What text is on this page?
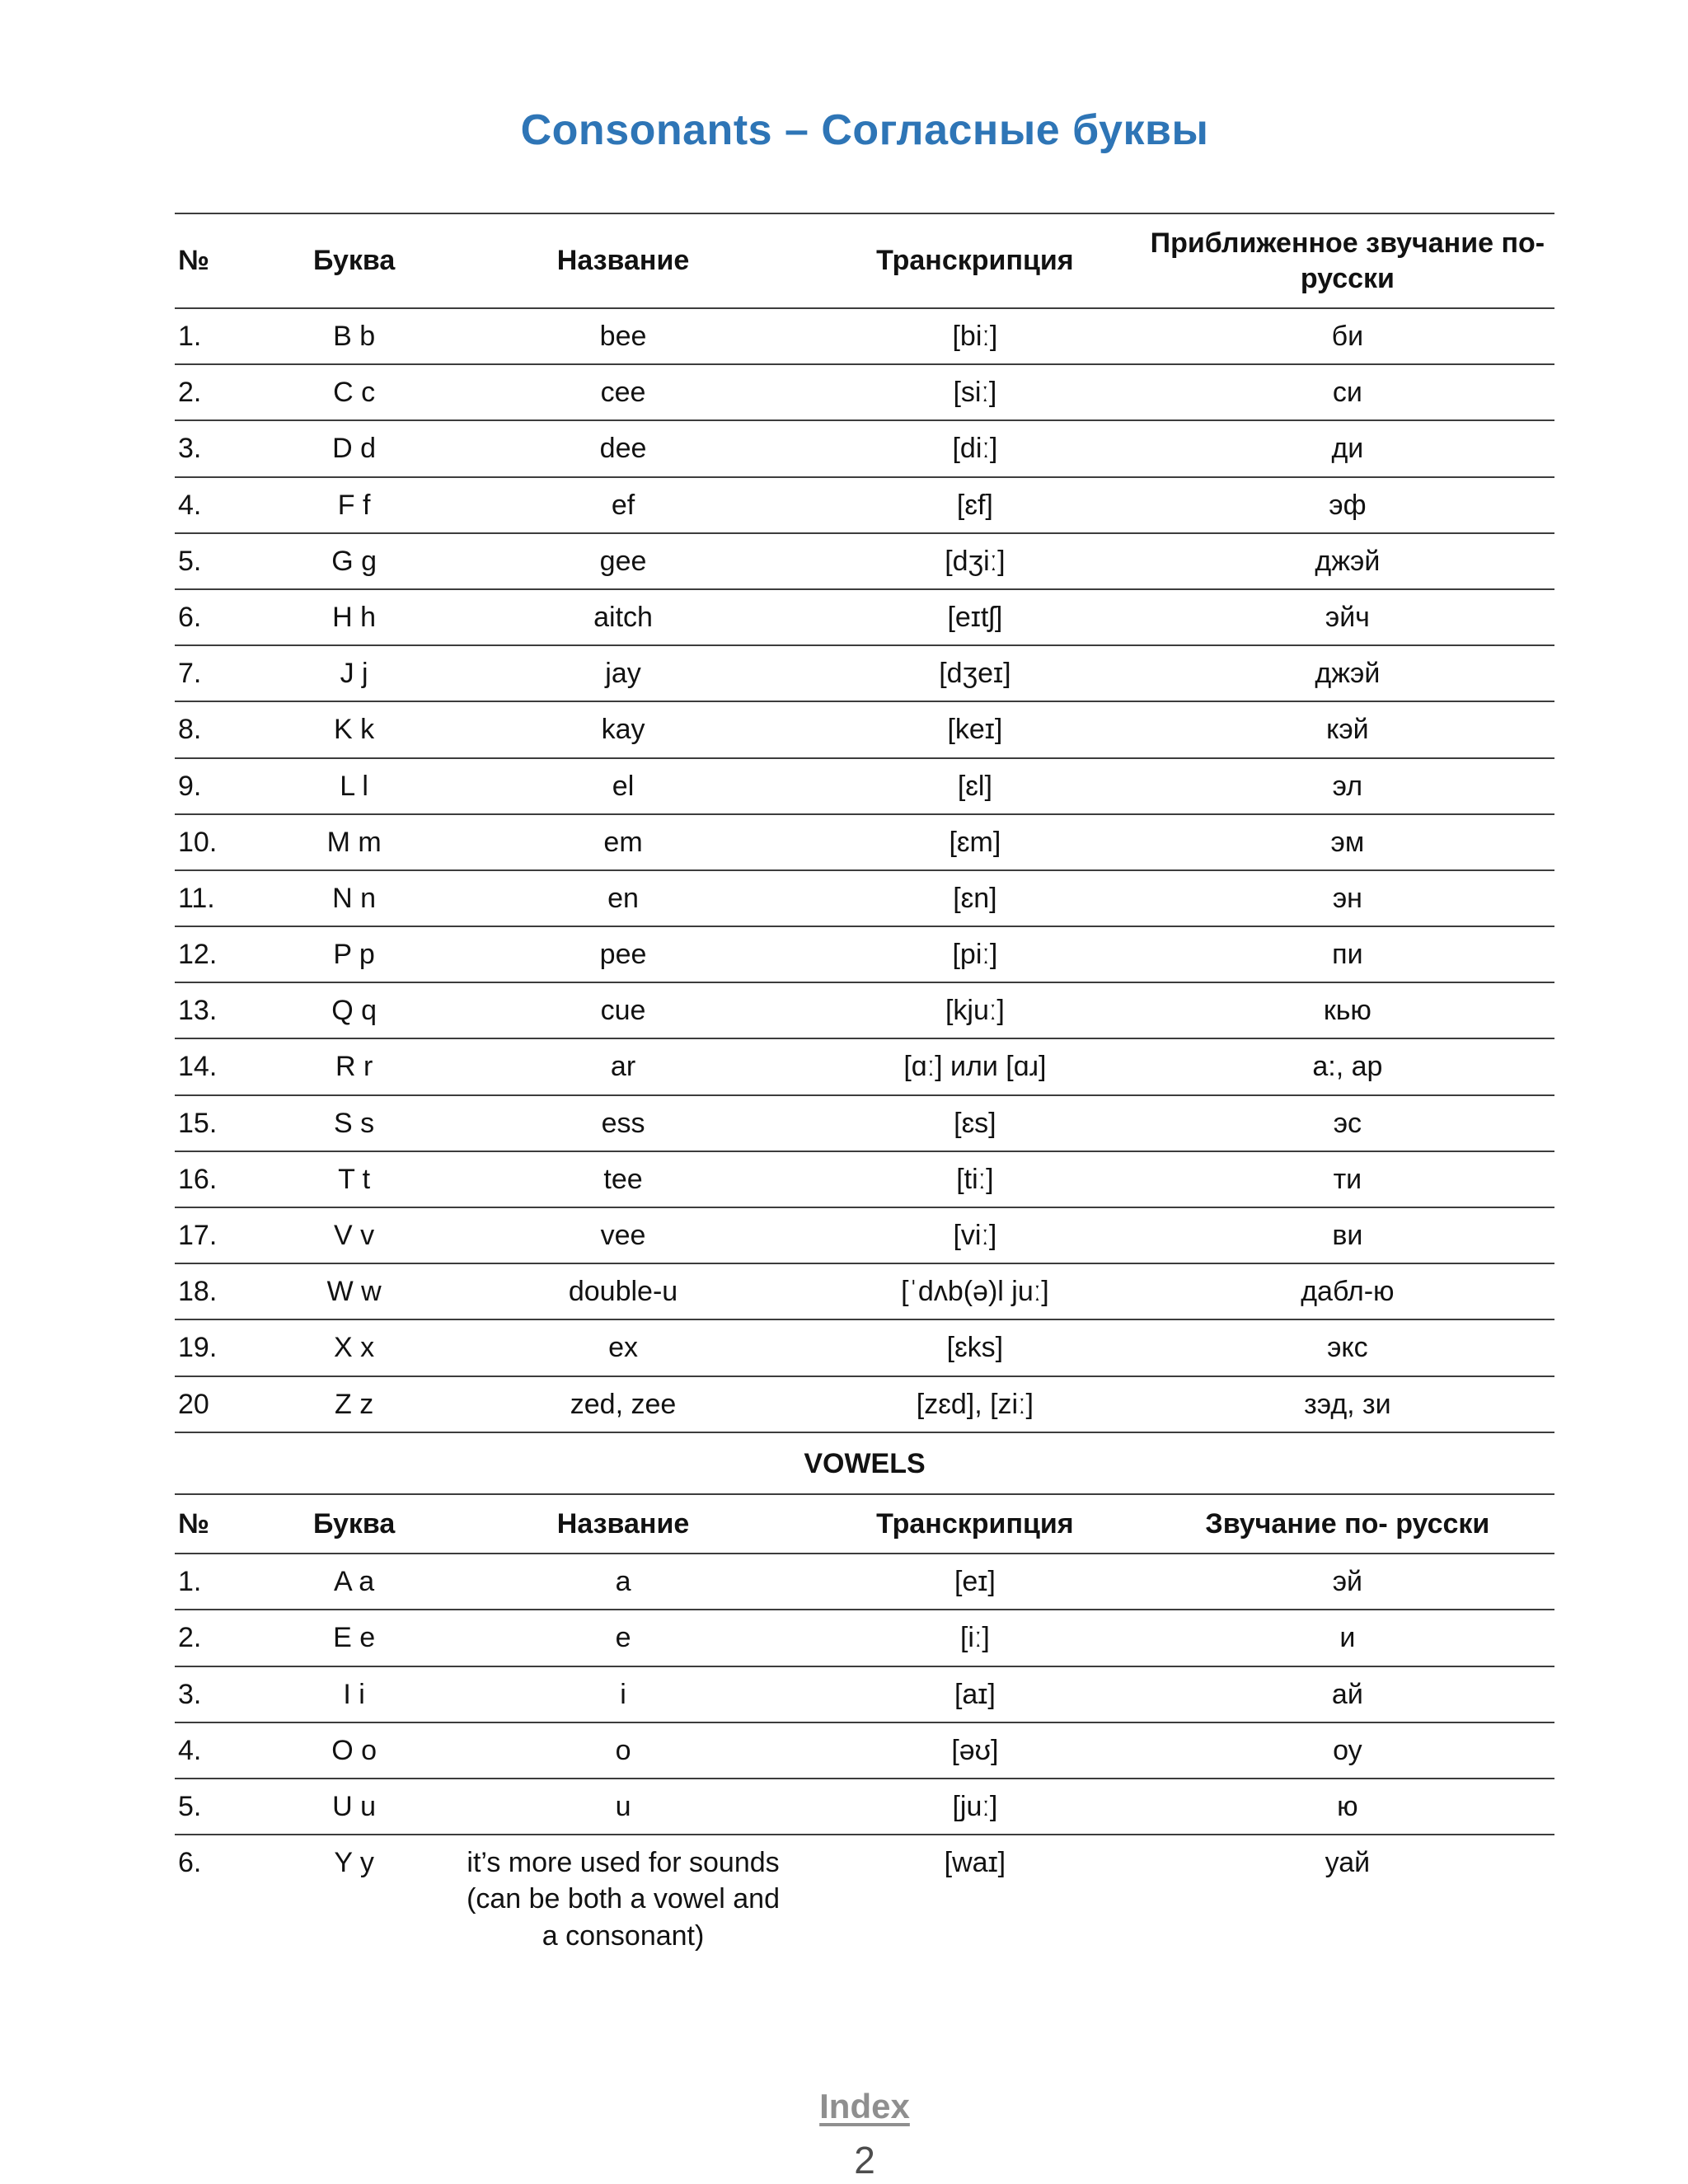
Consonants – Согласные буквы
№	Буква	Название	Транскрипция	Приближенное звучание по-русски
1.	B b	bee	[biː]	би
2.	C c	cee	[siː]	си
3.	D d	dee	[diː]	ди
4.	F f	ef	[ɛf]	эф
5.	G g	gee	[dʒiː]	джэй
6.	H h	aitch	[eɪtʃ]	эйч
7.	J j	jay	[dʒeɪ]	джэй
8.	K k	kay	[keɪ]	кэй
9.	L l	el	[ɛl]	эл
10.	M m	em	[ɛm]	эм
11.	N n	en	[ɛn]	эн
12.	P p	pee	[piː]	пи
13.	Q q	cue	[kjuː]	кью
14.	R r	ar	[ɑː] или [ɑɹ]	а:, ар
15.	S s	ess	[ɛs]	эс
16.	T t	tee	[tiː]	ти
17.	V v	vee	[viː]	ви
18.	W w	double-u	[ˈdʌb(ə)l juː]	дабл-ю
19.	X x	ex	[ɛks]	экс
20	Z z	zed, zee	[zɛd], [ziː]	зэд, зи
VOWELS
№	Буква	Название	Транскрипция	Звучание по- русски
1.	A a	a	[eɪ]	эй
2.	E e	e	[iː]	и
3.	I i	i	[aɪ]	ай
4.	O o	o	[əʊ]	оу
5.	U u	u	[juː]	ю
6.	Y y	it’s more used for sounds (can be both a vowel and a consonant)	[waɪ]	уай
Index
2
